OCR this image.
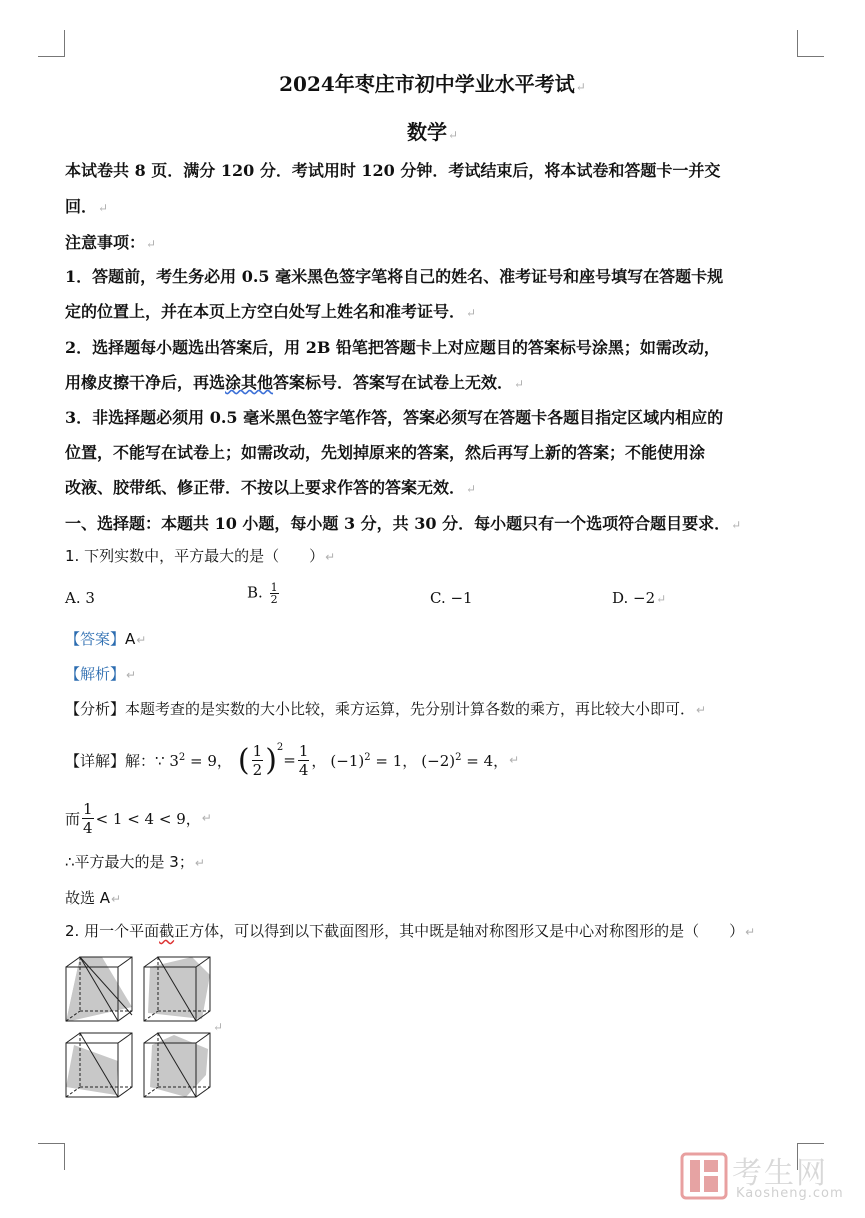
2024年枣庄市初中学业水平考试↵
数学↵
本试卷共 8 页．满分 120 分．考试用时 120 分钟．考试结束后，将本试卷和答题卡一并交
回．↵
注意事项：↵
1．答题前，考生务必用 0.5 毫米黑色签字笔将自己的姓名、准考证号和座号填写在答题卡规
定的位置上，并在本页上方空白处写上姓名和准考证号．↵
2．选择题每小题选出答案后，用 2B 铅笔把答题卡上对应题目的答案标号涂黑；如需改动，
用橡皮擦干净后，再选涂其他答案标号．答案写在试卷上无效．↵
3．非选择题必须用 0.5 毫米黑色签字笔作答，答案必须写在答题卡各题目指定区域内相应的
位置，不能写在试卷上；如需改动，先划掉原来的答案，然后再写上新的答案；不能使用涂
改液、胶带纸、修正带．不按以上要求作答的答案无效．↵
一、选择题：本题共 10 小题，每小题 3 分，共 30 分．每小题只有一个选项符合题目要求．↵
1. 下列实数中，平方最大的是（　　）↵
A. 3	B. $\frac{1}{2}$	C. −1	D. −2↵
【答案】A↵
【解析】↵
【分析】本题考查的是实数的大小比较，乘方运算，先分别计算各数的乘方，再比较大小即可．↵
【详解】 解：∵ $3^2 = 9$， ( $\frac{1}{2} )^2$
= $\frac{1}{4}$ ， $(-1)^2 = 1$， $(-2)^2 = 4$， ↵
而 $\frac{1}{4} < 1 < 4 < 9$， ↵
∴平方最大的是 3；↵
故选 A↵
2. 用一个平面截正方体，可以得到以下截面图形，其中既是轴对称图形又是中心对称图形的是（　　）↵
↵
考生网
Kaosheng.com
